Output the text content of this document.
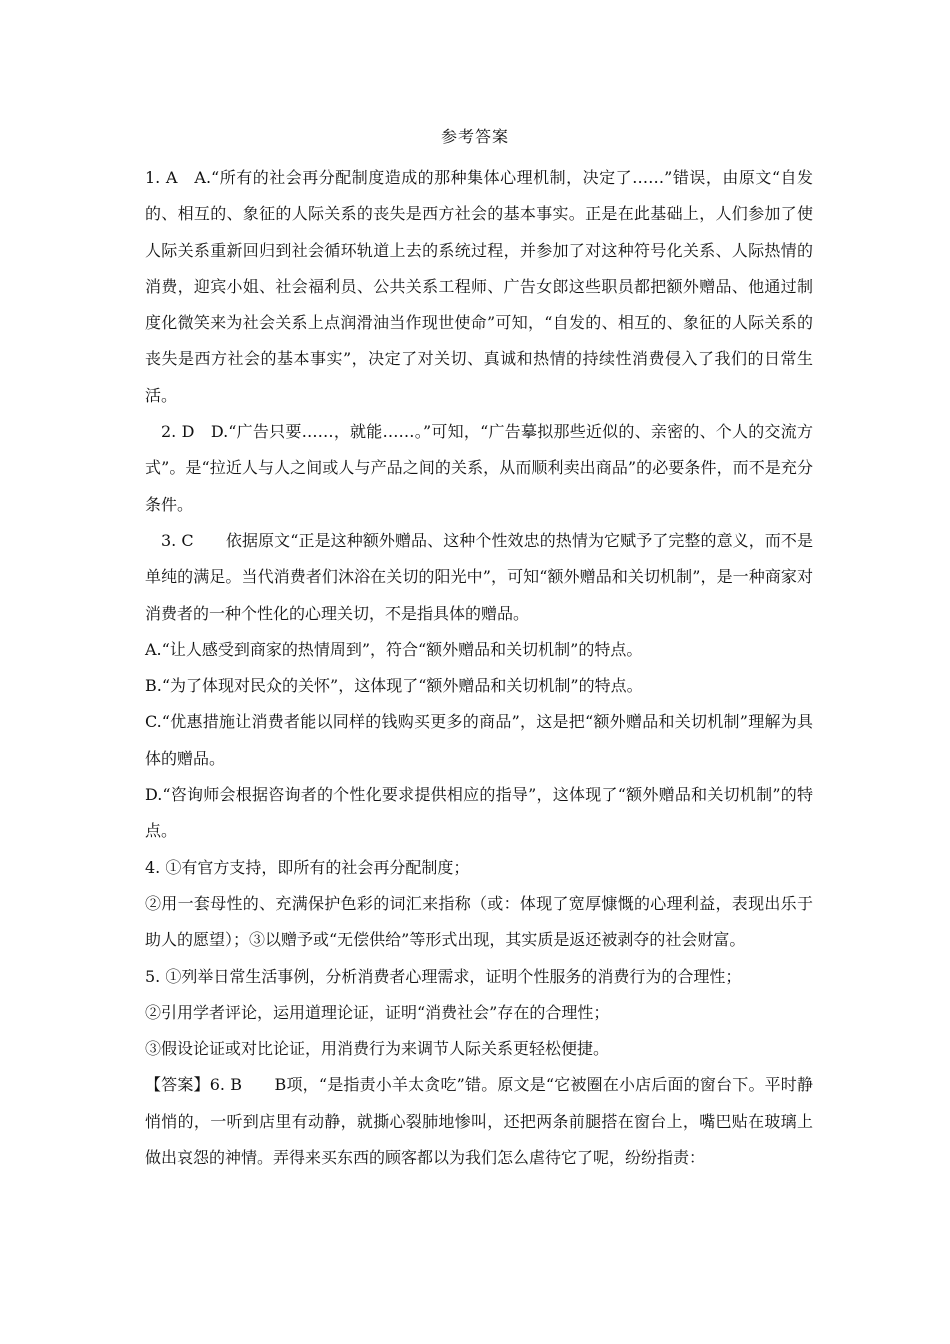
参考答案

1. A　A.“所有的社会再分配制度造成的那种集体心理机制，决定了……”错误，由原文“自发的、相互的、象征的人际关系的丧失是西方社会的基本事实。正是在此基础上，人们参加了使人际关系重新回归到社会循环轨道上去的系统过程，并参加了对这种符号化关系、人际热情的消费，迎宾小姐、社会福利员、公共关系工程师、广告女郎这些职员都把额外赠品、他通过制度化微笑来为社会关系上点润滑油当作现世使命”可知，“自发的、相互的、象征的人际关系的丧失是西方社会的基本事实”，决定了对关切、真诚和热情的持续性消费侵入了我们的日常生活。

2. D　D.“广告只要……，就能……。”可知，“广告摹拟那些近似的、亲密的、个人的交流方式”。是“拉近人与人之间或人与产品之间的关系，从而顺利卖出商品”的必要条件，而不是充分条件。

3. C　　依据原文“正是这种额外赠品、这种个性效忠的热情为它赋予了完整的意义，而不是单纯的满足。当代消费者们沐浴在关切的阳光中”，可知“额外赠品和关切机制”，是一种商家对消费者的一种个性化的心理关切，不是指具体的赠品。

A.“让人感受到商家的热情周到”，符合“额外赠品和关切机制”的特点。

B.“为了体现对民众的关怀”，这体现了“额外赠品和关切机制”的特点。

C.“优惠措施让消费者能以同样的钱购买更多的商品”，这是把“额外赠品和关切机制”理解为具体的赠品。

D.“咨询师会根据咨询者的个性化要求提供相应的指导”，这体现了“额外赠品和关切机制”的特点。

4. ①有官方支持，即所有的社会再分配制度；

②用一套母性的、充满保护色彩的词汇来指称（或：体现了宽厚慷慨的心理利益，表现出乐于助人的愿望）；③以赠予或“无偿供给”等形式出现，其实质是返还被剥夺的社会财富。

5. ①列举日常生活事例，分析消费者心理需求，证明个性服务的消费行为的合理性；

②引用学者评论，运用道理论证，证明“消费社会”存在的合理性；

③假设论证或对比论证，用消费行为来调节人际关系更轻松便捷。

【答案】6. B　　B项，“是指责小羊太贪吃”错。原文是“它被圈在小店后面的窗台下。平时静悄悄的，一听到店里有动静，就撕心裂肺地惨叫，还把两条前腿搭在窗台上，嘴巴贴在玻璃上做出哀怨的神情。弄得来买东西的顾客都以为我们怎么虐待它了呢，纷纷指责：
